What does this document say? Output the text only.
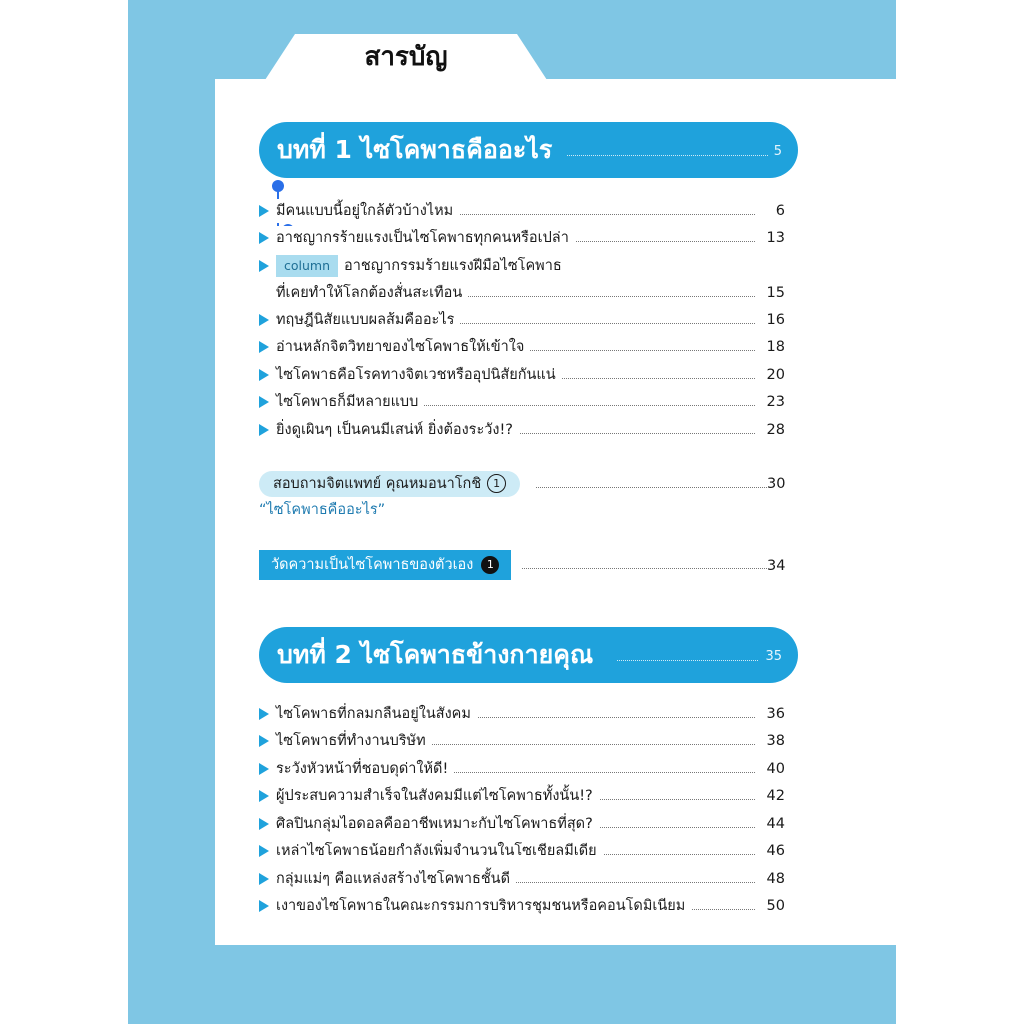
สารบัญ
บทที่ 1 ไซโคพาธคืออะไร	5
มีคนแบบนี้อยู่ใกล้ตัวบ้างไหม	6
อาชญากรร้ายแรงเป็นไซโคพาธทุกคนหรือเปล่า	13
column อาชญากรรมร้ายแรงฝีมือไซโคพาธ
ที่เคยทำให้โลกต้องสั่นสะเทือน	15
ทฤษฎีนิสัยแบบผลส้มคืออะไร	16
อ่านหลักจิตวิทยาของไซโคพาธให้เข้าใจ	18
ไซโคพาธคือโรคทางจิตเวชหรืออุปนิสัยกันแน่	20
ไซโคพาธก็มีหลายแบบ	23
ยิ่งดูเผินๆ เป็นคนมีเสน่ห์ ยิ่งต้องระวัง!?	28
สอบถามจิตแพทย์ คุณหมอนาโกชิ 1	30
“ไซโคพาธคืออะไร”
วัดความเป็นไซโคพาธของตัวเอง 1	34
บทที่ 2 ไซโคพาธข้างกายคุณ	35
ไซโคพาธที่กลมกลืนอยู่ในสังคม	36
ไซโคพาธที่ทำงานบริษัท	38
ระวังหัวหน้าที่ชอบดุด่าให้ดี!	40
ผู้ประสบความสำเร็จในสังคมมีแต่ไซโคพาธทั้งนั้น!?	42
ศิลปินกลุ่มไอดอลคืออาชีพเหมาะกับไซโคพาธที่สุด?	44
เหล่าไซโคพาธน้อยกำลังเพิ่มจำนวนในโซเชียลมีเดีย	46
กลุ่มแม่ๆ คือแหล่งสร้างไซโคพาธชั้นดี	48
เงาของไซโคพาธในคณะกรรมการบริหารชุมชนหรือคอนโดมิเนียม	50
